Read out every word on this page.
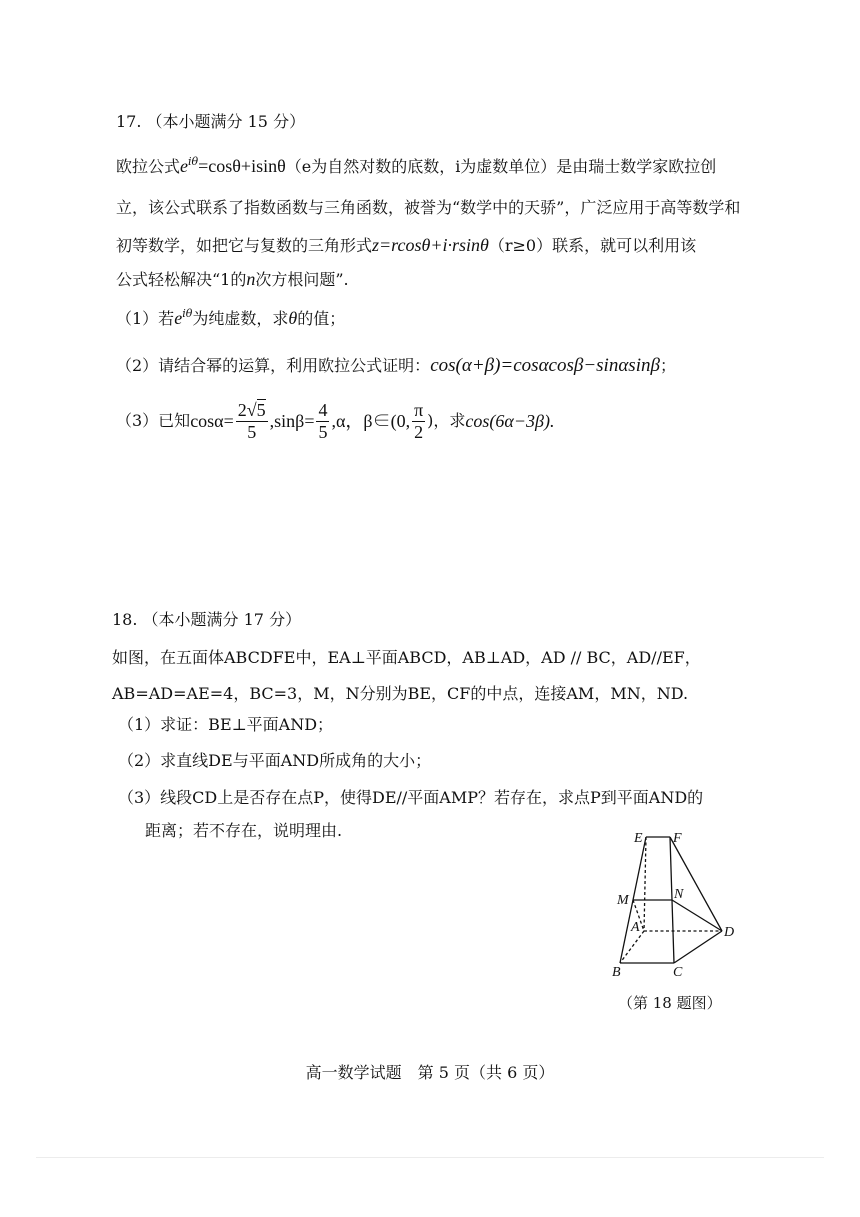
17. （本小题满分 15 分）
欧拉公式$e^{i\theta}=\cos\theta+isin\theta(e$为自然对数的底数，i为虚数单位）是由瑞士数学家欧拉创
立，该公式联系了指数函数与三角函数，被誉为“数学中的天骄”，广泛应用于高等数学和
初等数学，如把它与复数的三角形式z=rcosθ+i·rsinθ（r≥0）联系，就可以利用该
公式轻松解决“1的n次方根问题”.
（1）若$e^{i\theta}$为纯虚数，求θ的值；
（2）请结合幂的运算，利用欧拉公式证明：cos(α+β)=cosαcosβ−sinαsinβ；
（3）已知$\cos\alpha= \frac{2√5}{5} ,\sin\beta= \frac{4}{5} ,\alpha$，β∈(0, $\frac{\pi}{2}$ )，求cos(6α−3β).
18. （本小题满分 17 分）
如图，在五面体ABCDFE中，EA⊥平面ABCD，AB⊥AD，AD // BC，AD//EF，
AB=AD=AE=4，BC=3，M，N分别为BE，CF的中点，连接AM，MN，ND.
（1）求证：BE⊥平面AND；
（2）求直线DE与平面AND所成角的大小；
（3）线段CD上是否存在点P，使得DE//平面AMP？若存在，求点P到平面AND的
距离；若不存在，说明理由.	E F
M	N
A	D
B	C
（第 18 题图）
高一数学试题　第 5 页（共 6 页）
